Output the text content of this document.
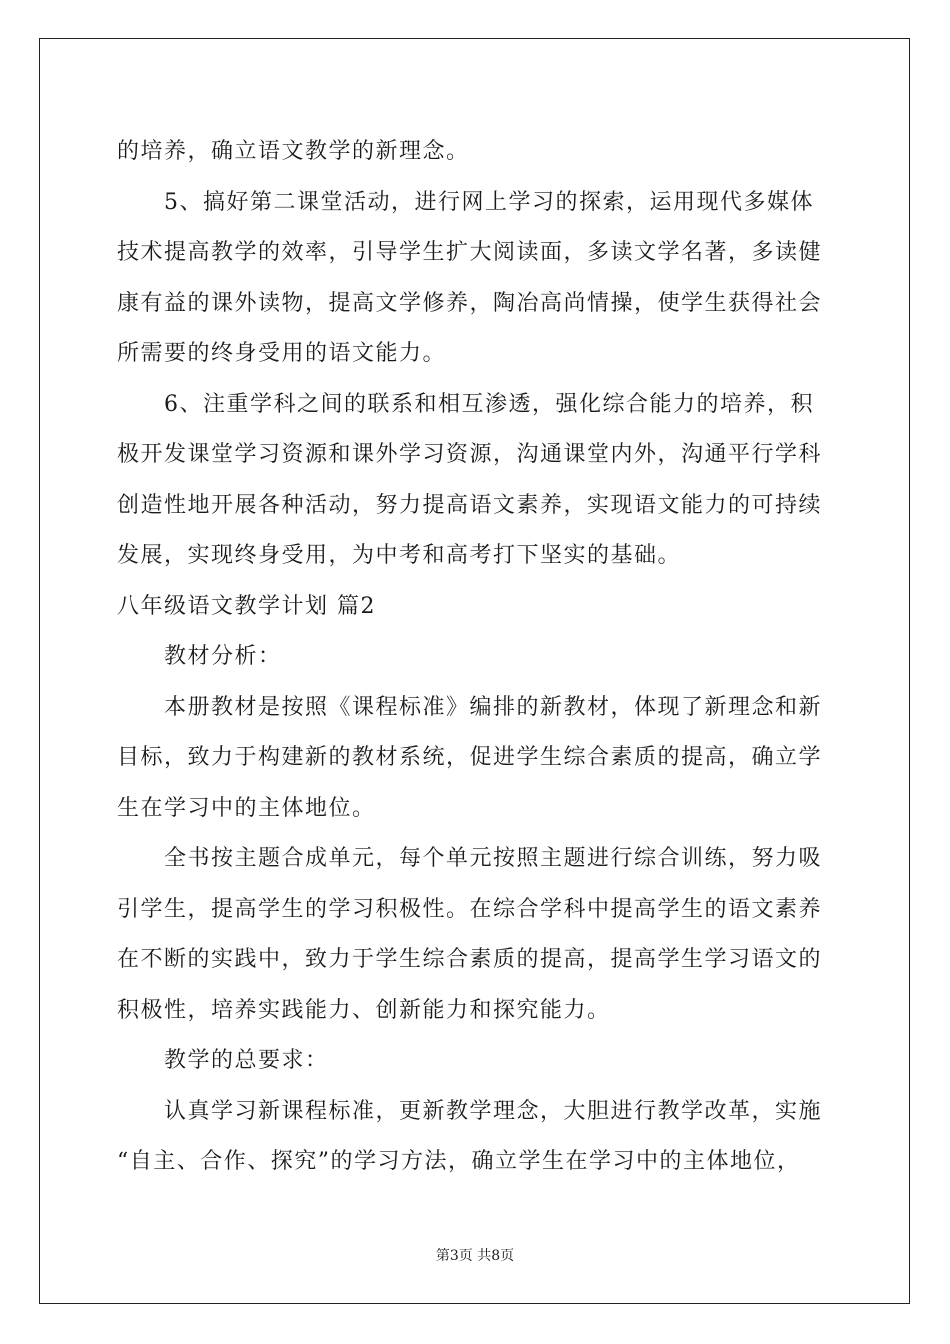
的培养，确立语文教学的新理念。
5、搞好第二课堂活动，进行网上学习的探索，运用现代多媒体
技术提高教学的效率，引导学生扩大阅读面，多读文学名著，多读健
康有益的课外读物，提高文学修养，陶冶高尚情操，使学生获得社会
所需要的终身受用的语文能力。
6、注重学科之间的联系和相互渗透，强化综合能力的培养，积
极开发课堂学习资源和课外学习资源，沟通课堂内外，沟通平行学科
创造性地开展各种活动，努力提高语文素养，实现语文能力的可持续
发展，实现终身受用，为中考和高考打下坚实的基础。
八年级语文教学计划 篇2
教材分析：
本册教材是按照《课程标准》编排的新教材，体现了新理念和新
目标，致力于构建新的教材系统，促进学生综合素质的提高，确立学
生在学习中的主体地位。
全书按主题合成单元，每个单元按照主题进行综合训练，努力吸
引学生，提高学生的学习积极性。在综合学科中提高学生的语文素养
在不断的实践中，致力于学生综合素质的提高，提高学生学习语文的
积极性，培养实践能力、创新能力和探究能力。
教学的总要求：
认真学习新课程标准，更新教学理念，大胆进行教学改革，实施
“自主、合作、探究”的学习方法，确立学生在学习中的主体地位，
第3页 共8页
